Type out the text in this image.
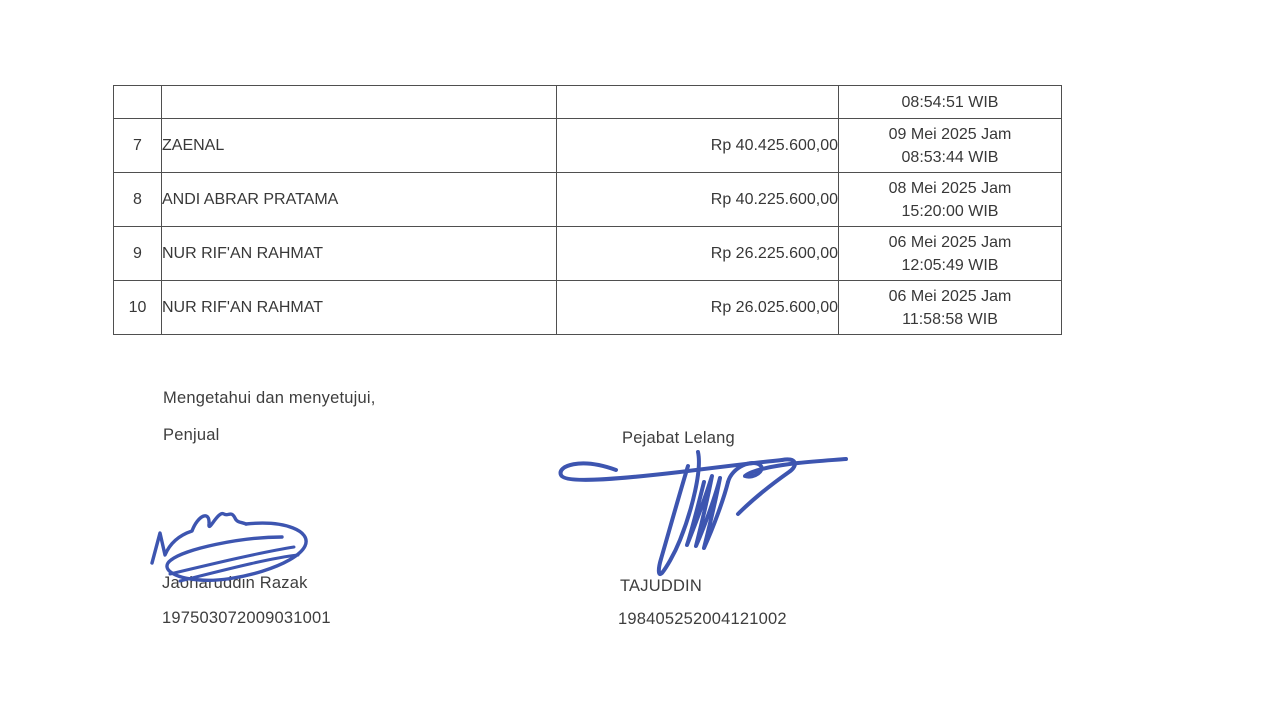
			08:54:51 WIB

7	ZAENAL	Rp 40.425.600,00	09 Mei 2025 Jam
08:53:44 WIB

8	ANDI ABRAR PRATAMA	Rp 40.225.600,00	08 Mei 2025 Jam
15:20:00 WIB

9	NUR RIF'AN RAHMAT	Rp 26.225.600,00	06 Mei 2025 Jam
12:05:49 WIB

10	NUR RIF'AN RAHMAT	Rp 26.025.600,00	06 Mei 2025 Jam
11:58:58 WIB
Mengetahui dan menyetujui,
Penjual	Pejabat Lelang
Jaoharuddin Razak
197503072009031001
TAJUDDIN
198405252004121002
